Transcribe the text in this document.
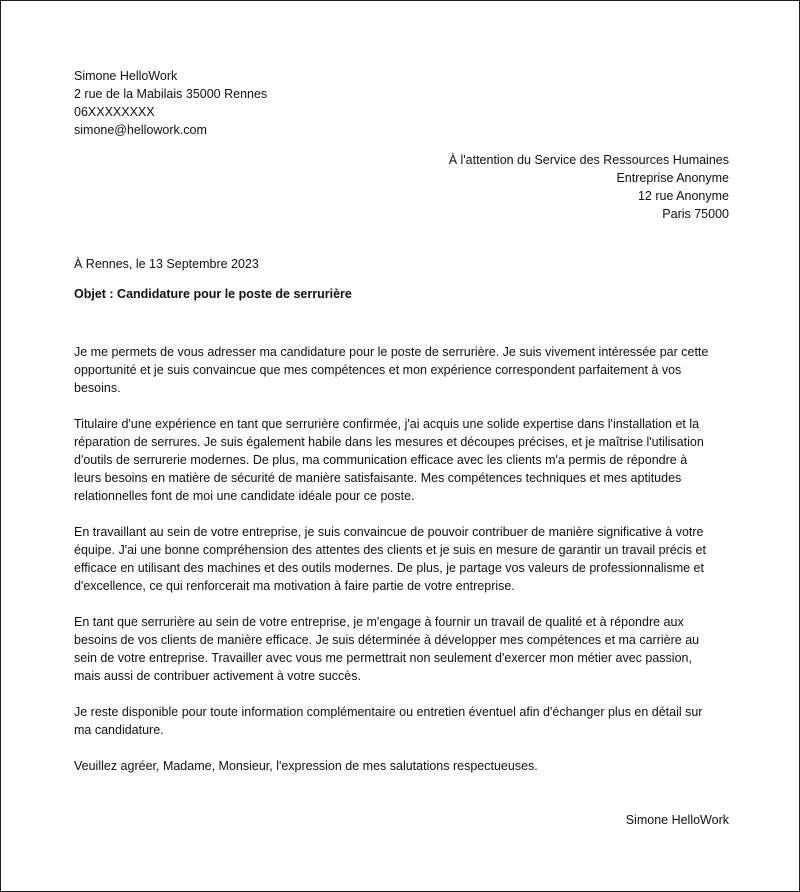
Simone HelloWork
2 rue de la Mabilais 35000 Rennes
06XXXXXXXX
simone@hellowork.com
À l'attention du Service des Ressources Humaines
Entreprise Anonyme
12 rue Anonyme
Paris 75000
À Rennes, le 13 Septembre 2023
Objet : Candidature pour le poste de serrurière
Je me permets de vous adresser ma candidature pour le poste de serrurière. Je suis vivement intéressée par cette
opportunité et je suis convaincue que mes compétences et mon expérience correspondent parfaitement à vos
besoins.
Titulaire d'une expérience en tant que serrurière confirmée, j'ai acquis une solide expertise dans l'installation et la
réparation de serrures. Je suis également habile dans les mesures et découpes précises, et je maîtrise l'utilisation
d'outils de serrurerie modernes. De plus, ma communication efficace avec les clients m'a permis de répondre à
leurs besoins en matière de sécurité de manière satisfaisante. Mes compétences techniques et mes aptitudes
relationnelles font de moi une candidate idéale pour ce poste.
En travaillant au sein de votre entreprise, je suis convaincue de pouvoir contribuer de manière significative à votre
équipe. J'ai une bonne compréhension des attentes des clients et je suis en mesure de garantir un travail précis et
efficace en utilisant des machines et des outils modernes. De plus, je partage vos valeurs de professionnalisme et
d'excellence, ce qui renforcerait ma motivation à faire partie de votre entreprise.
En tant que serrurière au sein de votre entreprise, je m'engage à fournir un travail de qualité et à répondre aux
besoins de vos clients de manière efficace. Je suis déterminée à développer mes compétences et ma carrière au
sein de votre entreprise. Travailler avec vous me permettrait non seulement d'exercer mon métier avec passion,
mais aussi de contribuer activement à votre succès.
Je reste disponible pour toute information complémentaire ou entretien éventuel afin d'échanger plus en détail sur
ma candidature.
Veuillez agréer, Madame, Monsieur, l'expression de mes salutations respectueuses.
Simone HelloWork
